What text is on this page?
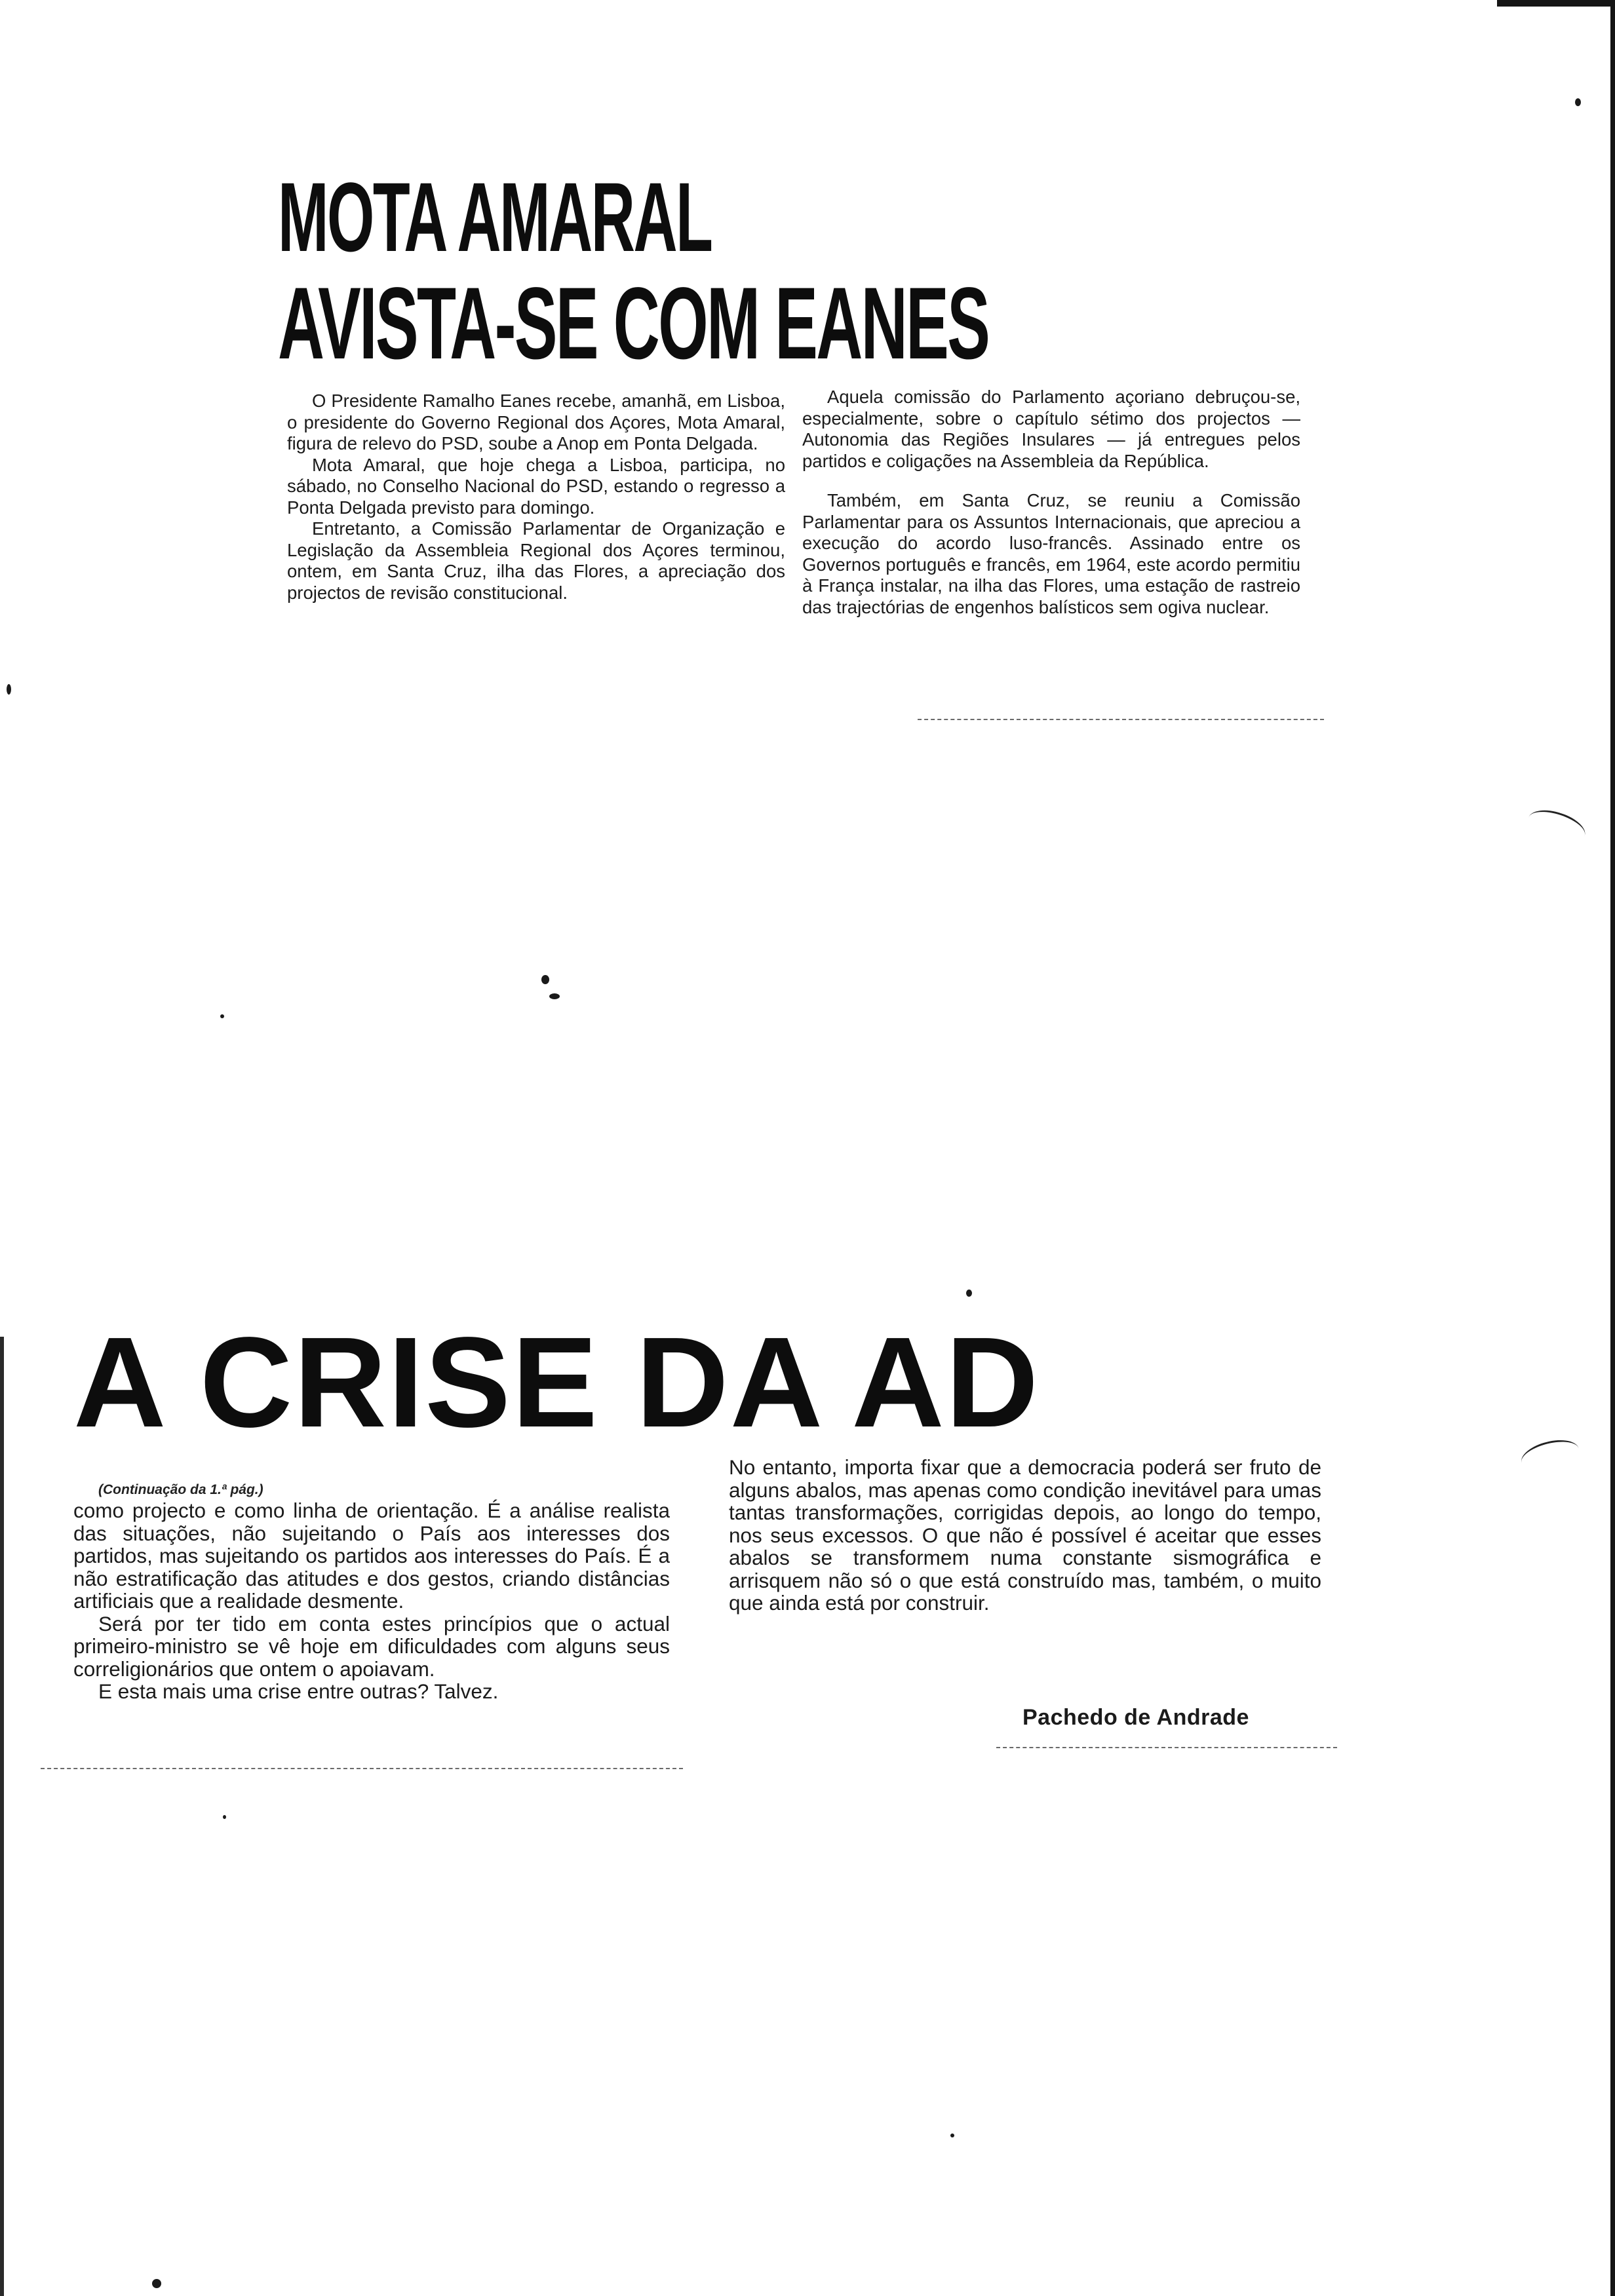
MOTA AMARAL
AVISTA-SE COM EANES

O Presidente Ramalho Eanes recebe, amanhã, em Lisboa, o presidente do Governo Regional dos Açores, Mota Amaral, figura de relevo do PSD, soube a Anop em Ponta Delgada.

Mota Amaral, que hoje chega a Lisboa, participa, no sábado, no Conselho Nacional do PSD, estando o regresso a Ponta Delgada previsto para domingo.

Entretanto, a Comissão Parlamentar de Organização e Legislação da Assembleia Regional dos Açores terminou, ontem, em Santa Cruz, ilha das Flores, a apreciação dos projectos de revisão constitucional.

Aquela comissão do Parlamento açoriano debruçou-se, especialmente, sobre o capítulo sétimo dos projectos — Autonomia das Regiões Insulares — já entregues pelos partidos e coligações na Assembleia da República.

Também, em Santa Cruz, se reuniu a Comissão Parlamentar para os Assuntos Internacionais, que apreciou a execução do acordo luso-francês. Assinado entre os Governos português e francês, em 1964, este acordo permitiu à França instalar, na ilha das Flores, uma estação de rastreio das trajectórias de engenhos balísticos sem ogiva nuclear.

A CRISE DA AD

(Continuação da 1.ª pág.)

como projecto e como linha de orientação. É a análise realista das situações, não sujeitando o País aos interesses dos partidos, mas sujeitando os partidos aos interesses do País. É a não estratificação das atitudes e dos gestos, criando distâncias artificiais que a realidade desmente.

Será por ter tido em conta estes princípios que o actual primeiro-ministro se vê hoje em dificuldades com alguns seus correligionários que ontem o apoiavam.

E esta mais uma crise entre outras? Talvez.

No entanto, importa fixar que a democracia poderá ser fruto de alguns abalos, mas apenas como condição inevitável para umas tantas transformações, corrigidas depois, ao longo do tempo, nos seus excessos. O que não é possível é aceitar que esses abalos se transformem numa constante sismográfica e arrisquem não só o que está construído mas, também, o muito que ainda está por construir.

Pachedo de Andrade
